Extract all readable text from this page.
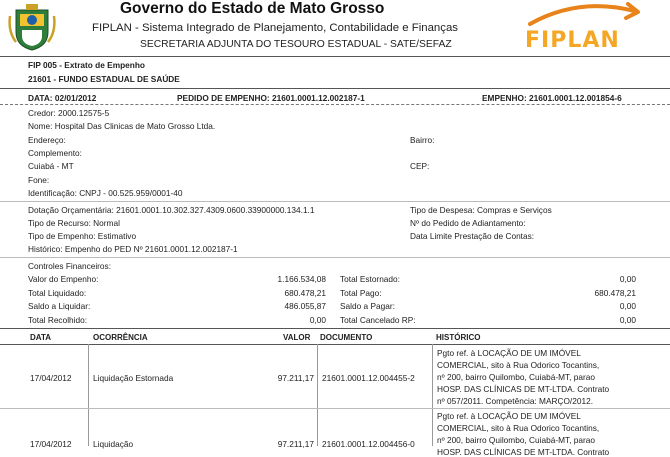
Governo do Estado de Mato Grosso
FIPLAN - Sistema Integrado de Planejamento, Contabilidade e Finanças
SECRETARIA ADJUNTA DO TESOURO ESTADUAL - SATE/SEFAZ	FIPLAN
FIP 005 - Extrato de Empenho
21601 - FUNDO ESTADUAL DE SAÚDE
DATA: 02/01/2012	PEDIDO DE EMPENHO: 21601.0001.12.002187-1	EMPENHO: 21601.0001.12.001854-6
Credor: 2000.12575-5
Nome: Hospital Das Clinicas de Mato Grosso Ltda.
Endereço:	Bairro:
Complemento:
Cuiabá - MT	CEP:
Fone:
Identificação: CNPJ - 00.525.959/0001-40
Dotação Orçamentária: 21601.0001.10.302.327.4309.0600.33900000.134.1.1	Tipo de Despesa: Compras e Serviços
Tipo de Recurso: Normal	Nº do Pedido de Adiantamento:
Tipo de Empenho: Estimativo	Data Limite Prestação de Contas:
Histórico: Empenho do PED Nº 21601.0001.12.002187-1
Controles Financeiros:
Valor do Empenho:	1.166.534,08 Total Estornado:	0,00
Total Liquidado:	680.478,21 Total Pago:	680.478,21
Saldo a Liquidar:	486.055,87 Saldo a Pagar:	0,00
Total Recolhido:	0,00 Total Cancelado RP:	0,00
DATA	OCORRÊNCIA	VALOR DOCUMENTO	HISTÓRICO
17/04/2012	Liquidação Estornada	97.211,17 21601.0001.12.004455-2
Pgto ref. à LOCAÇÃO DE UM IMÓVEL
COMERCIAL, sito à Rua Odorico Tocantins,
nº 200, bairro Quilombo, Cuiabá-MT, parao
HOSP. DAS CLÍNICAS DE MT-LTDA. Contrato
nº 057/2011. Competência: MARÇO/2012.
17/04/2012	Liquidação	97.211,17 21601.0001.12.004456-0
Pgto ref. à LOCAÇÃO DE UM IMÓVEL
COMERCIAL, sito à Rua Odorico Tocantins,
nº 200, bairro Quilombo, Cuiabá-MT, parao
HOSP. DAS CLÍNICAS DE MT-LTDA. Contrato
